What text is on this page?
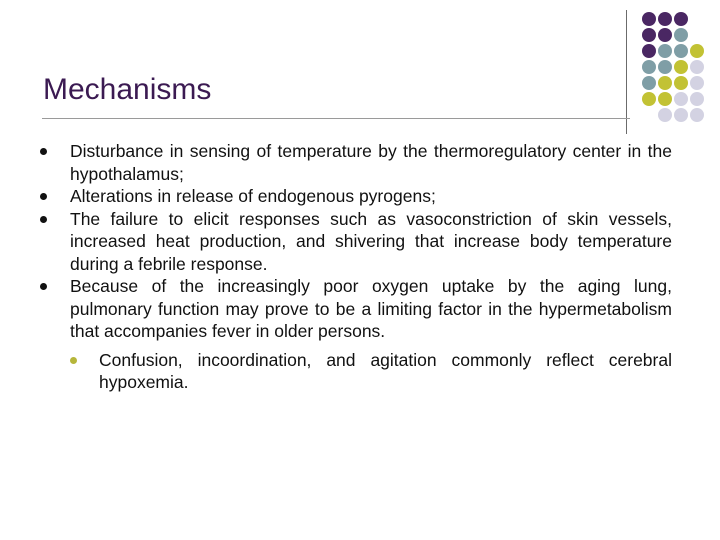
Mechanisms
Disturbance in sensing of temperature by the thermoregulatory center in the hypothalamus;
Alterations in release of endogenous pyrogens;
The failure to elicit responses such as vasoconstriction of skin vessels, increased heat production, and shivering that increase body temperature during a febrile response.
Because of the increasingly poor oxygen uptake by the aging lung, pulmonary function may prove to be a limiting factor in the hypermetabolism that accompanies fever in older persons.
Confusion, incoordination, and agitation commonly reflect cerebral hypoxemia.
